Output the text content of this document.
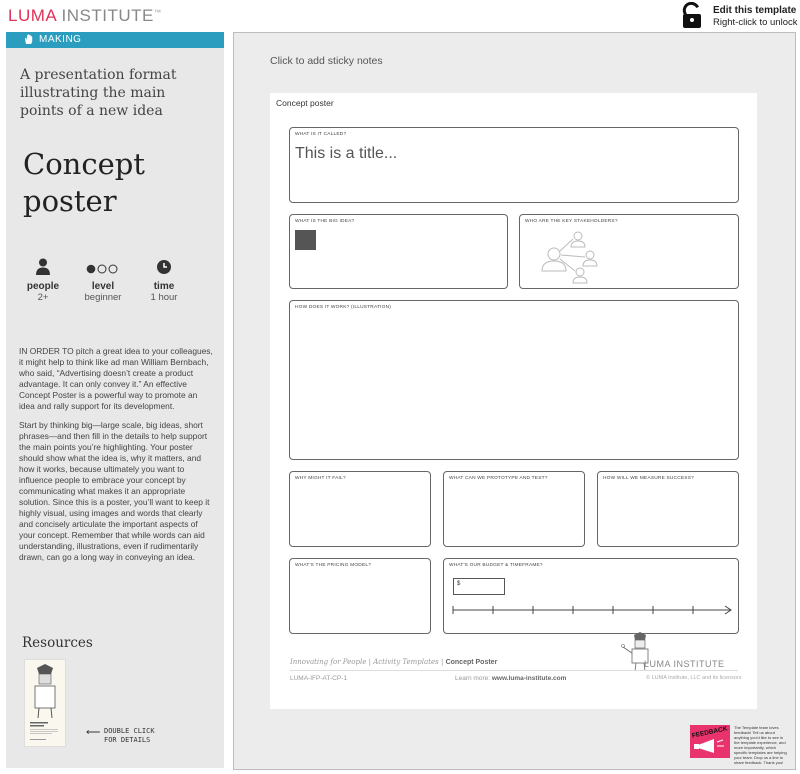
LUMA INSTITUTE™	Edit this template
Right-click to unlock
MAKING
A presentation format illustrating the main points of a new idea
Concept poster
people
2+
level
beginner
time
1 hour

IN ORDER TO pitch a great idea to your colleagues, it might help to think like ad man William Bernbach, who said, “Advertising doesn’t create a product advantage. It can only convey it.” An effective Concept Poster is a powerful way to promote an idea and rally support for its development.

Start by thinking big—large scale, big ideas, short phrases—and then fill in the details to help support the main points you’re highlighting. Your poster should show what the idea is, why it matters, and how it works, because ultimately you want to influence people to embrace your concept by communicating what makes it an appropriate solution. Since this is a poster, you’ll want to keep it highly visual, using images and words that clearly and concisely articulate the important aspects of your concept. Remember that while words can aid understanding, illustrations, even if rudimentarily drawn, can go a long way in conveying an idea.

Resources
⟵ DOUBLE CLICK
FOR DETAILS
Click to add sticky notes
Concept poster
WHAT IS IT CALLED?
This is a title...
WHAT IS THE BIG IDEA?	WHO ARE THE KEY STAKEHOLDERS?
HOW DOES IT WORK? (ILLUSTRATION)
WHY MIGHT IT FAIL?	WHAT CAN WE PROTOTYPE AND TEST?	HOW WILL WE MEASURE SUCCESS?
WHAT'S THE PRICING MODEL?	WHAT'S OUR BUDGET & TIMEFRAME?
$
Innovating for People | Activity Templates | Concept Poster	LUMA INSTITUTE
LUMA-IFP-AT-CP-1	Learn more: www.luma-institute.com	© LUMA Institute, LLC and its licensors
FEEDBACK The Template team loves feedback! Tell us about anything you'd like to see in the template experience, and more importantly, which specific templates are helping your team. Drop us a line to share feedback. Thank you!
